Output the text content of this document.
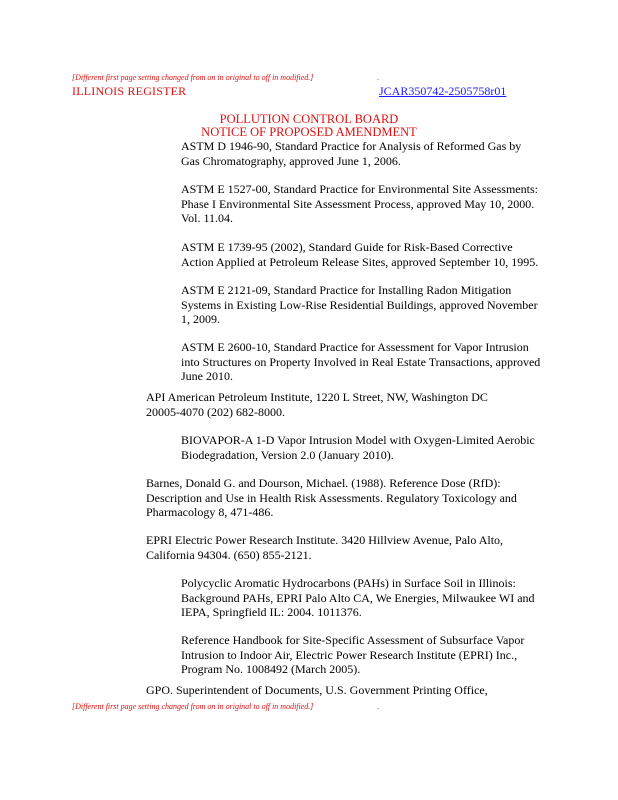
[Different first page setting changed from on in original to off in modified.]	.
ILLINOIS REGISTER	JCAR350742-2505758r01
POLLUTION CONTROL BOARD
NOTICE OF PROPOSED AMENDMENT
ASTM D 1946-90, Standard Practice for Analysis of Reformed Gas by
Gas Chromatography, approved June 1, 2006.
ASTM E 1527-00, Standard Practice for Environmental Site Assessments:
Phase I Environmental Site Assessment Process, approved May 10, 2000.
Vol. 11.04.
ASTM E 1739-95 (2002), Standard Guide for Risk-Based Corrective
Action Applied at Petroleum Release Sites, approved September 10, 1995.
ASTM E 2121-09, Standard Practice for Installing Radon Mitigation
Systems in Existing Low-Rise Residential Buildings, approved November
1, 2009.
ASTM E 2600-10, Standard Practice for Assessment for Vapor Intrusion
into Structures on Property Involved in Real Estate Transactions, approved
June 2010.
API American Petroleum Institute, 1220 L Street, NW, Washington DC
20005-4070 (202) 682-8000.
BIOVAPOR-A 1-D Vapor Intrusion Model with Oxygen-Limited Aerobic
Biodegradation, Version 2.0 (January 2010).
Barnes, Donald G. and Dourson, Michael. (1988). Reference Dose (RfD):
Description and Use in Health Risk Assessments. Regulatory Toxicology and
Pharmacology 8, 471-486.
EPRI Electric Power Research Institute. 3420 Hillview Avenue, Palo Alto,
California 94304. (650) 855-2121.
Polycyclic Aromatic Hydrocarbons (PAHs) in Surface Soil in Illinois:
Background PAHs, EPRI Palo Alto CA, We Energies, Milwaukee WI and
IEPA, Springfield IL: 2004. 1011376.
Reference Handbook for Site-Specific Assessment of Subsurface Vapor
Intrusion to Indoor Air, Electric Power Research Institute (EPRI) Inc.,
Program No. 1008492 (March 2005).
GPO. Superintendent of Documents, U.S. Government Printing Office,
[Different first page setting changed from on in original to off in modified.]	.
